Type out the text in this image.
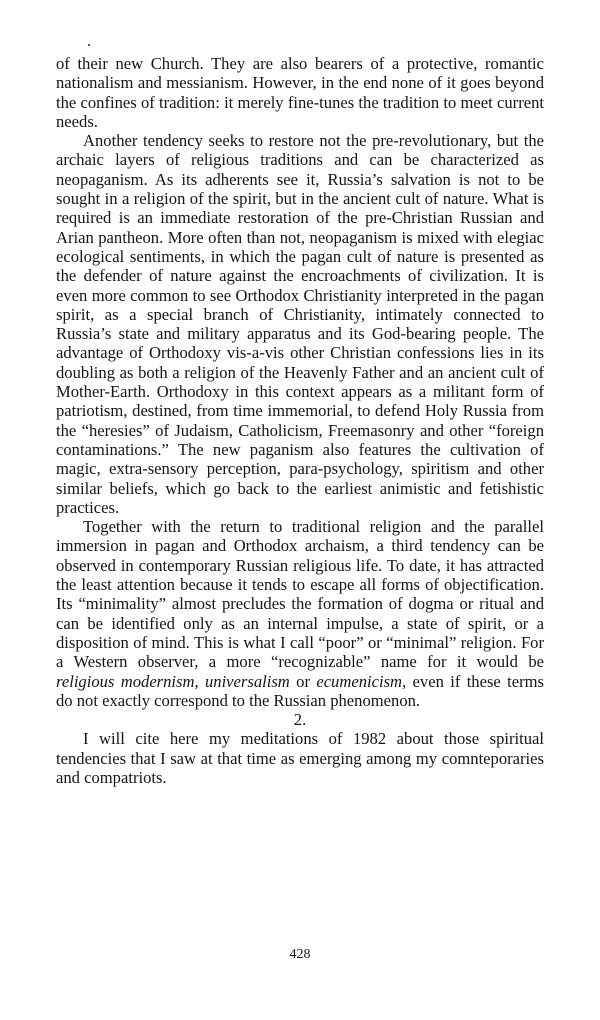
of their new Church. They are also bearers of a protective, romantic nationalism and messianism. However, in the end none of it goes beyond the confines of tradition: it merely fine-tunes the tradition to meet current needs.

Another tendency seeks to restore not the pre-revolutionary, but the archaic layers of religious traditions and can be characterized as neopaganism. As its adherents see it, Russia’s salvation is not to be sought in a religion of the spirit, but in the ancient cult of nature. What is required is an immediate restoration of the pre-Christian Russian and Arian pantheon. More often than not, neopaganism is mixed with elegiac ecological sentiments, in which the pagan cult of nature is presented as the defender of nature against the encroachments of civilization. It is even more common to see Orthodox Christianity interpreted in the pagan spirit, as a special branch of Christianity, intimately connected to Russia’s state and military apparatus and its God-bearing people. The advantage of Orthodoxy vis-a-vis other Christian confessions lies in its doubling as both a religion of the Heavenly Father and an ancient cult of Mother-Earth. Orthodoxy in this context appears as a militant form of patriotism, destined, from time immemorial, to defend Holy Russia from the “heresies” of Judaism, Catholicism, Freemasonry and other “foreign contaminations.” The new paganism also features the cultivation of magic, extra-sensory perception, para-psychology, spiritism and other similar beliefs, which go back to the earliest animistic and fetishistic practices.

Together with the return to traditional religion and the parallel immersion in pagan and Orthodox archaism, a third tendency can be observed in contemporary Russian religious life. To date, it has attracted the least attention because it tends to escape all forms of objectification. Its “minimality” almost precludes the formation of dogma or ritual and can be identified only as an internal impulse, a state of spirit, or a disposition of mind. This is what I call “poor” or “minimal” religion. For a Western observer, a more “recognizable” name for it would be religious modernism, universalism or ecumenicism, even if these terms do not exactly correspond to the Russian phenomenon.

2.

I will cite here my meditations of 1982 about those spiritual tendencies that I saw at that time as emerging among my comnteporaries and compatriots.

428
